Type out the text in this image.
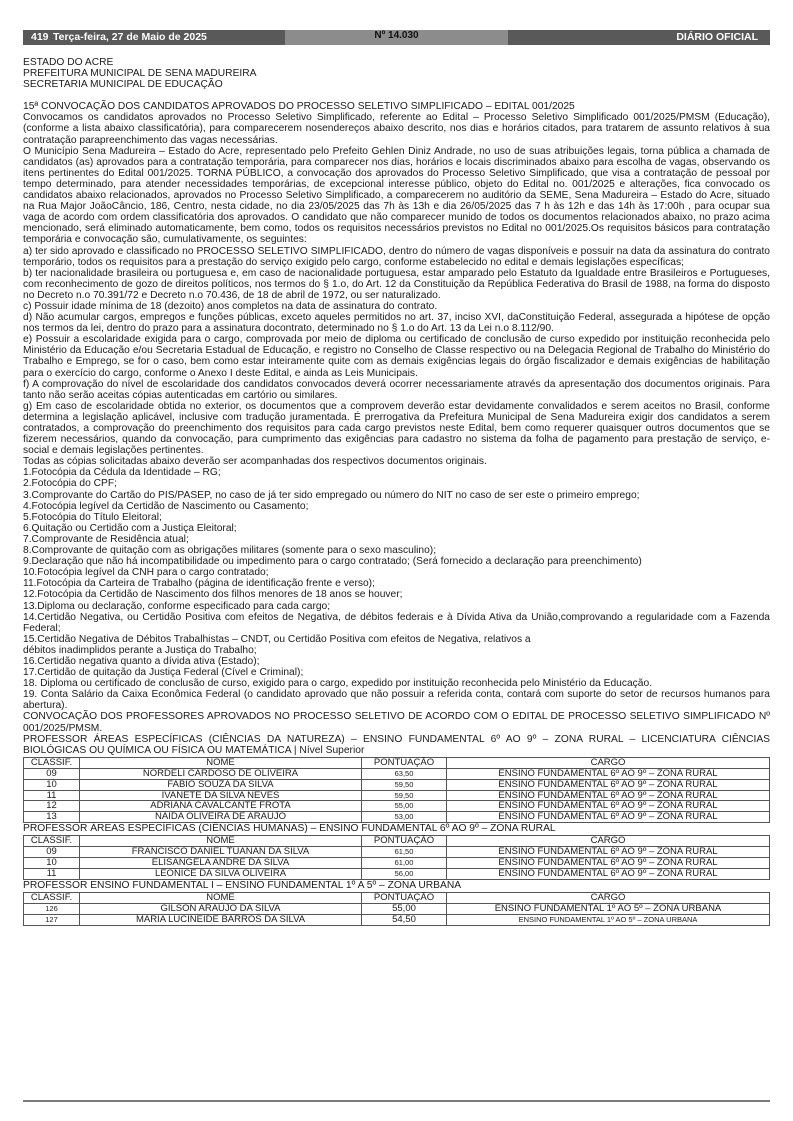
419 Terça-feira, 27 de Maio de 2025	Nº 14.030	DIÁRIO OFICIAL

ESTADO DO ACRE

PREFEITURA MUNICIPAL DE SENA MADUREIRA

SECRETARIA MUNICIPAL DE EDUCAÇÃO

15ª CONVOCAÇÃO DOS CANDIDATOS APROVADOS DO PROCESSO SELETIVO SIMPLIFICADO – EDITAL 001/2025

Convocamos os candidatos aprovados no Processo Seletivo Simplificado, referente ao Edital – Processo Seletivo Simplificado 001/2025/PMSM (Educação), (conforme a lista abaixo classificatória), para comparecerem nosendereços abaixo descrito, nos dias e horários citados, para tratarem de assunto relativos à sua contratação parapreenchimento das vagas necessárias.

O Município Sena Madureira – Estado do Acre, representado pelo Prefeito Gehlen Diniz Andrade, no uso de suas atribuições legais, torna pública a chamada de candidatos (as) aprovados para a contratação temporária, para comparecer nos dias, horários e locais discriminados abaixo para escolha de vagas, observando os itens pertinentes do Edital 001/2025. TORNA PÚBLICO, a convocação dos aprovados do Processo Seletivo Simplificado, que visa a contratação de pessoal por tempo determinado, para atender necessidades temporárias, de excepcional interesse público, objeto do Edital no. 001/2025 e alterações, fica convocado os candidatos abaixo relacionados, aprovados no Processo Seletivo Simplificado, a comparecerem no auditório da SEME, Sena Madureira – Estado do Acre, situado na Rua Major JoãoCâncio, 186, Centro, nesta cidade, no dia 23/05/2025 das 7h às 13h e dia 26/05/2025 das 7 h às 12h e das 14h às 17:00h , para ocupar sua vaga de acordo com ordem classificatória dos aprovados. O candidato que não comparecer munido de todos os documentos relacionados abaixo, no prazo acima mencionado, será eliminado automaticamente, bem como, todos os requisitos necessários previstos no Edital no 001/2025.Os requisitos básicos para contratação temporária e convocação são, cumulativamente, os seguintes:

a) ter sido aprovado e classificado no PROCESSO SELETIVO SIMPLIFICADO, dentro do número de vagas disponíveis e possuir na data da assinatura do contrato temporário, todos os requisitos para a prestação do serviço exigido pelo cargo, conforme estabelecido no edital e demais legislações específicas;

b) ter nacionalidade brasileira ou portuguesa e, em caso de nacionalidade portuguesa, estar amparado pelo Estatuto da Igualdade entre Brasileiros e Portugueses, com reconhecimento de gozo de direitos políticos, nos termos do § 1.o, do Art. 12 da Constituição da República Federativa do Brasil de 1988, na forma do disposto no Decreto n.o 70.391/72 e Decreto n.o 70.436, de 18 de abril de 1972, ou ser naturalizado.

c) Possuir idade mínima de 18 (dezoito) anos completos na data de assinatura do contrato.

d) Não acumular cargos, empregos e funções públicas, exceto aqueles permitidos no art. 37, inciso XVI, daConstituição Federal, assegurada a hipótese de opção nos termos da lei, dentro do prazo para a assinatura docontrato, determinado no § 1.o do Art. 13 da Lei n.o 8.112/90.

e) Possuir a escolaridade exigida para o cargo, comprovada por meio de diploma ou certificado de conclusão de curso expedido por instituição reconhecida pelo Ministério da Educação e/ou Secretaria Estadual de Educação, e registro no Conselho de Classe respectivo ou na Delegacia Regional de Trabalho do Ministério do Trabalho e Emprego, se for o caso, bem como estar inteiramente quite com as demais exigências legais do órgão fiscalizador e demais exigências de habilitação para o exercício do cargo, conforme o Anexo I deste Edital, e ainda as Leis Municipais.

f) A comprovação do nível de escolaridade dos candidatos convocados deverá ocorrer necessariamente através da apresentação dos documentos originais. Para tanto não serão aceitas cópias autenticadas em cartório ou similares.

g) Em caso de escolaridade obtida no exterior, os documentos que a comprovem deverão estar devidamente convalidados e serem aceitos no Brasil, conforme determina a legislação aplicável, inclusive com tradução juramentada. É prerrogativa da Prefeitura Municipal de Sena Madureira exigir dos candidatos a serem contratados, a comprovação do preenchimento dos requisitos para cada cargo previstos neste Edital, bem como requerer quaisquer outros documentos que se fizerem necessários, quando da convocação, para cumprimento das exigências para cadastro no sistema da folha de pagamento para prestação de serviço, e-social e demais legislações pertinentes.

Todas as cópias solicitadas abaixo deverão ser acompanhadas dos respectivos documentos originais.

1.Fotocópia da Cédula da Identidade – RG;

2.Fotocópia do CPF;

3.Comprovante do Cartão do PIS/PASEP, no caso de já ter sido empregado ou número do NIT no caso de ser este o primeiro emprego;

4.Fotocópia legível da Certidão de Nascimento ou Casamento;

5.Fotocópia do Título Eleitoral;

6.Quitação ou Certidão com a Justiça Eleitoral;

7.Comprovante de Residência atual;

8.Comprovante de quitação com as obrigações militares (somente para o sexo masculino);

9.Declaração que não há incompatibilidade ou impedimento para o cargo contratado; (Será fornecido a declaração para preenchimento)

10.Fotocópia legível da CNH para o cargo contratado;

11.Fotocópia da Carteira de Trabalho (página de identificação frente e verso);

12.Fotocópia da Certidão de Nascimento dos filhos menores de 18 anos se houver;

13.Diploma ou declaração, conforme especificado para cada cargo;

14.Certidão Negativa, ou Certidão Positiva com efeitos de Negativa, de débitos federais e à Dívida Ativa da União,comprovando a regularidade com a Fazenda Federal;

15.Certidão Negativa de Débitos Trabalhistas – CNDT, ou Certidão Positiva com efeitos de Negativa, relativos a

débitos inadimplidos perante a Justiça do Trabalho;

16.Certidão negativa quanto a dívida ativa (Estado);

17.Certidão de quitação da Justiça Federal (Cível e Criminal);

18. Diploma ou certificado de conclusão de curso, exigido para o cargo, expedido por instituição reconhecida pelo Ministério da Educação.

19. Conta Salário da Caixa Econômica Federal (o candidato aprovado que não possuir a referida conta, contará com suporte do setor de recursos humanos para abertura).

CONVOCAÇÃO DOS PROFESSORES APROVADOS NO PROCESSO SELETIVO DE ACORDO COM O EDITAL DE PROCESSO SELETIVO SIMPLIFICADO Nº 001/2025/PMSM.

PROFESSOR ÁREAS ESPECÍFICAS (CIÊNCIAS DA NATUREZA) – ENSINO FUNDAMENTAL 6º AO 9º – ZONA RURAL – LICENCIATURA CIÊNCIAS BIOLÓGICAS OU QUÍMICA OU FÍSICA OU MATEMÁTICA | Nível Superior

CLASSIF.	NOME	PONTUAÇÃO	CARGO
09	NORDELI CARDOSO DE OLIVEIRA	63,50	ENSINO FUNDAMENTAL 6º AO 9º – ZONA RURAL
10	FABIO SOUZA DA SILVA	59,50	ENSINO FUNDAMENTAL 6º AO 9º – ZONA RURAL
11	IVANETE DA SILVA NEVES	59,50	ENSINO FUNDAMENTAL 6º AO 9º – ZONA RURAL
12	ADRIANA CAVALCANTE FROTA	55,00	ENSINO FUNDAMENTAL 6º AO 9º – ZONA RURAL
13	NAIDA OLIVEIRA DE ARAUJO	53,00	ENSINO FUNDAMENTAL 6º AO 9º – ZONA RURAL

PROFESSOR ÁREAS ESPECÍFICAS (CIÊNCIAS HUMANAS) – ENSINO FUNDAMENTAL 6º AO 9º – ZONA RURAL

CLASSIF.	NOME	PONTUAÇÃO	CARGO
09	FRANCISCO DANIEL TUANAN DA SILVA	61,50	ENSINO FUNDAMENTAL 6º AO 9º – ZONA RURAL
10	ELISANGELA ANDRE DA SILVA	61,00	ENSINO FUNDAMENTAL 6º AO 9º – ZONA RURAL
11	LEONICE DA SILVA OLIVEIRA	56,00	ENSINO FUNDAMENTAL 6º AO 9º – ZONA RURAL

PROFESSOR ENSINO FUNDAMENTAL I – ENSINO FUNDAMENTAL 1º A 5º – ZONA URBANA

CLASSIF.	NOME	PONTUAÇÃO	CARGO
126	GILSON ARAÚJO DA SILVA	55,00	ENSINO FUNDAMENTAL 1º AO 5º – ZONA URBANA
127	MARIA LUCINEIDE BARROS DA SILVA	54,50	ENSINO FUNDAMENTAL 1º AO 5º – ZONA URBANA
